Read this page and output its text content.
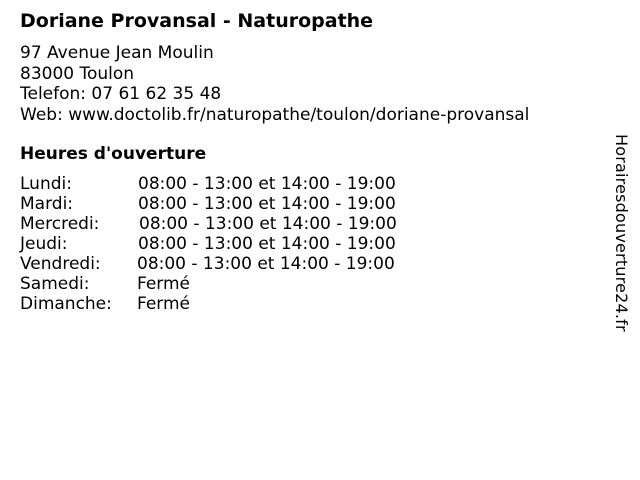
Doriane Provansal - Naturopathe
97 Avenue Jean Moulin
83000 Toulon
Telefon: 07 61 62 35 48
Web: www.doctolib.fr/naturopathe/toulon/doriane-provansal
Heures d'ouverture
Lundi:	08:00 - 13:00 et 14:00 - 19:00
Mardi:	08:00 - 13:00 et 14:00 - 19:00
Mercredi:	08:00 - 13:00 et 14:00 - 19:00
Jeudi:	08:00 - 13:00 et 14:00 - 19:00
Vendredi:	08:00 - 13:00 et 14:00 - 19:00
Samedi:	Fermé
Dimanche:	Fermé	Horairesdouverture24.fr
